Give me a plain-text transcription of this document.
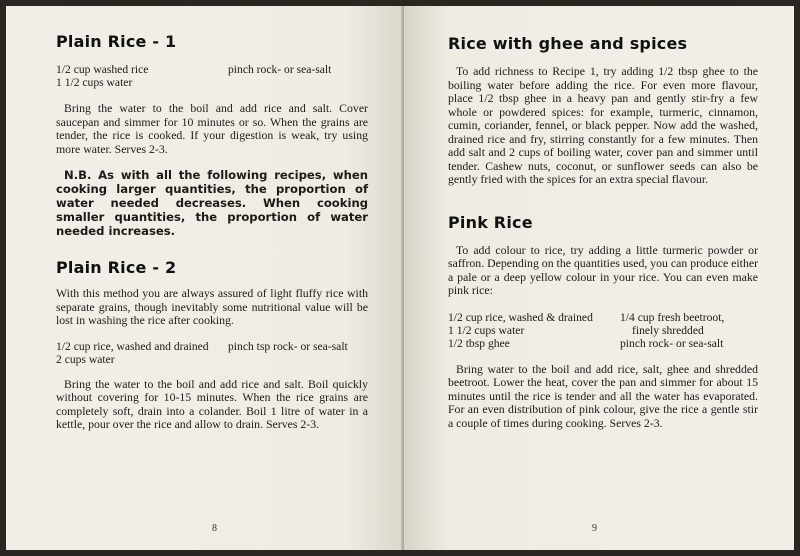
Plain Rice - 1
1/2 cup washed rice
1 1/2 cups water
pinch rock- or sea-salt

Bring the water to the boil and add rice and salt. Cover saucepan and simmer for 10 minutes or so. When the grains are tender, the rice is cooked. If your digestion is weak, try using more water. Serves 2-3.

N.B. As with all the following recipes, when cooking larger quantities, the proportion of water needed decreases. When cooking smaller quantities, the proportion of water needed increases.

Plain Rice - 2

With this method you are always assured of light fluffy rice with separate grains, though inevitably some nutritional value will be lost in washing the rice after cooking.

1/2 cup rice, washed and drained
2 cups water
pinch tsp rock- or sea-salt

Bring the water to the boil and add rice and salt. Boil quickly without covering for 10-15 minutes. When the rice grains are completely soft, drain into a colander. Boil 1 litre of water in a kettle, pour over the rice and allow to drain. Serves 2-3.

8
Rice with ghee and spices

To add richness to Recipe 1, try adding 1/2 tbsp ghee to the boiling water before adding the rice. For even more flavour, place 1/2 tbsp ghee in a heavy pan and gently stir-fry a few whole or powdered spices: for example, turmeric, cinnamon, cumin, coriander, fennel, or black pepper. Now add the washed, drained rice and fry, stirring constantly for a few minutes. Then add salt and 2 cups of boiling water, cover pan and simmer until tender. Cashew nuts, coconut, or sunflower seeds can also be gently fried with the spices for an extra special flavour.

Pink Rice

To add colour to rice, try adding a little turmeric powder or saffron. Depending on the quantities used, you can produce either a pale or a deep yellow colour in your rice. You can even make pink rice:

1/2 cup rice, washed & drained
1 1/2 cups water
1/2 tbsp ghee
1/4 cup fresh beetroot,
finely shredded
pinch rock- or sea-salt

Bring water to the boil and add rice, salt, ghee and shredded beetroot. Lower the heat, cover the pan and simmer for about 15 minutes until the rice is tender and all the water has evaporated. For an even distribution of pink colour, give the rice a gentle stir a couple of times during cooking. Serves 2-3.

9
